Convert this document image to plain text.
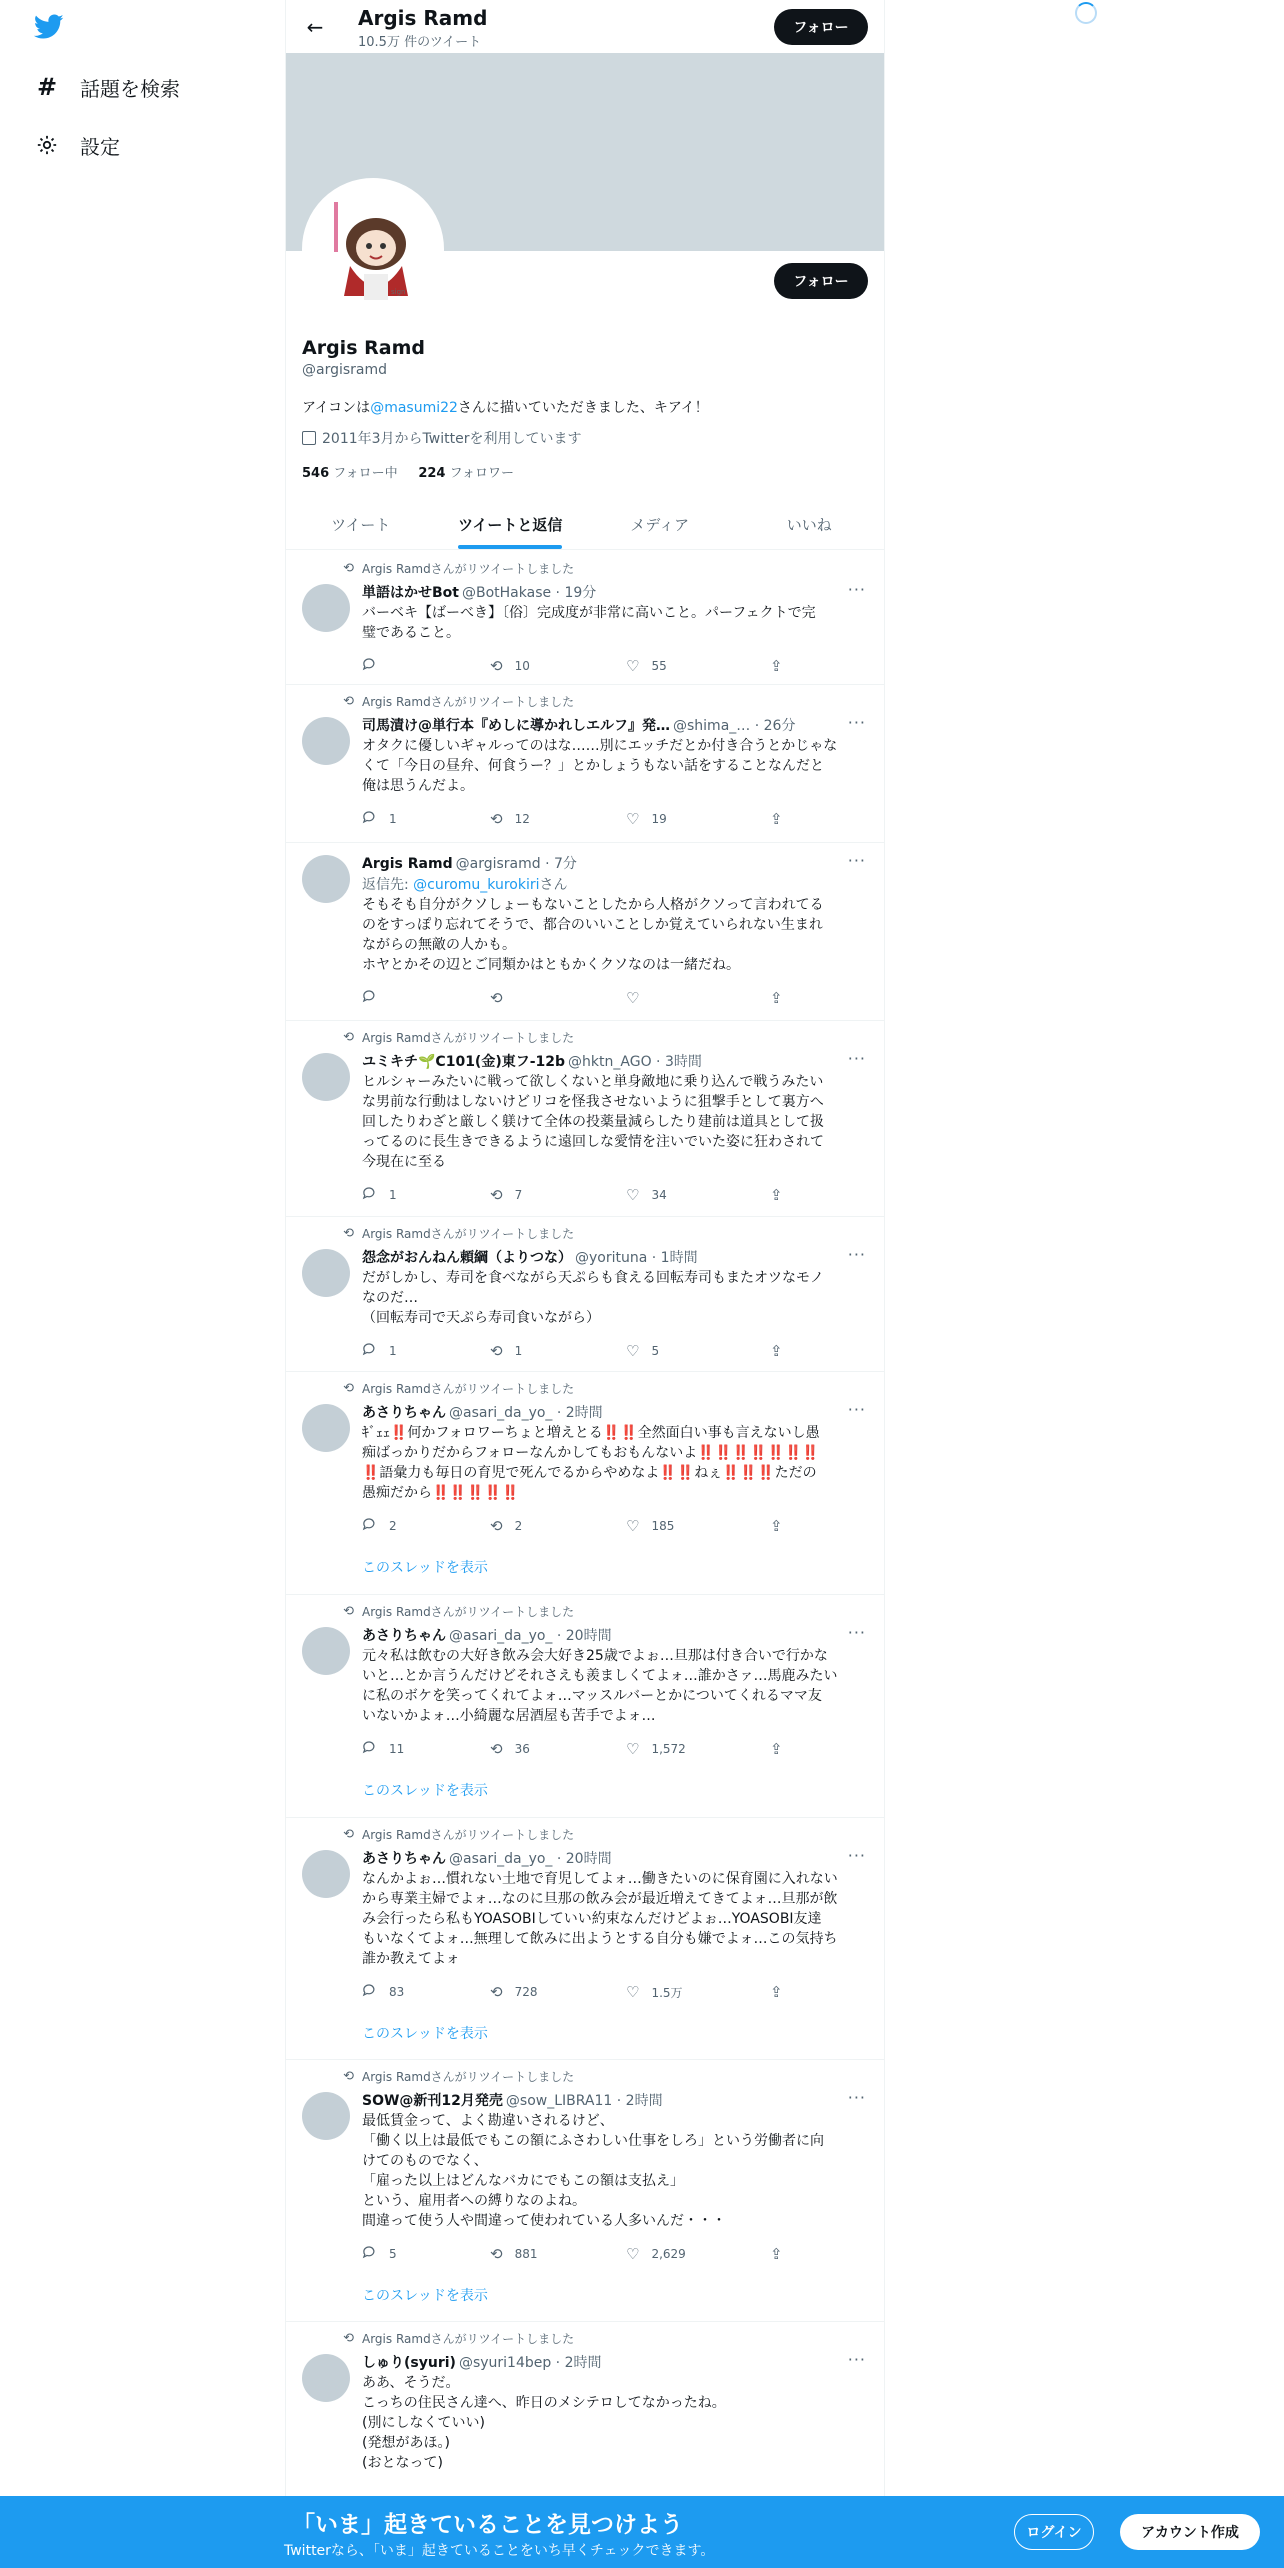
# 話題を検索
設定
←	Argis Ramd
10.5万 件のツイート
フォロー
sign
フォロー
Argis Ramd
@argisramd
アイコンは@masumi22さんに描いていただきました、キアイ！
2011年3月からTwitterを利用しています
546 フォロー中 224 フォロワー
ツイート	ツイートと返信	メディア	いいね
⟲ Argis Ramdさんがリツイートしました
単語はかせBot @BotHakase · 19分	···
バーベキ【ばーべき】〔俗〕完成度が非常に高いこと。パーフェクトで完
璧であること。
⟲ 10	♡ 55	⇪
⟲ Argis Ramdさんがリツイートしました
司馬漬け@単行本『めしに導かれしエルフ』発… @shima_… · 26分	···
オタクに優しいギャルってのはな……別にエッチだとか付き合うとかじゃな
くて「今日の昼弁、何食うー？」とかしょうもない話をすることなんだと
俺は思うんだよ。
1	⟲ 12	♡ 19	⇪
Argis Ramd @argisramd · 7分	···
返信先: @curomu_kurokiriさん
そもそも自分がクソしょーもないことしたから人格がクソって言われてる
のをすっぽり忘れてそうで、都合のいいことしか覚えていられない生まれ
ながらの無敵の人かも。
ホヤとかその辺とご同類かはともかくクソなのは一緒だね。
⟲	♡	⇪
⟲ Argis Ramdさんがリツイートしました
ユミキチ🌱C101(金)東フ-12b @hktn_AGO · 3時間	···
ヒルシャーみたいに戦って欲しくないと単身敵地に乗り込んで戦うみたい
な男前な行動はしないけどリコを怪我させないように狙撃手として裏方へ
回したりわざと厳しく躾けて全体の投薬量減らしたり建前は道具として扱
ってるのに長生きできるように遠回しな愛情を注いでいた姿に狂わされて
今現在に至る
1	⟲ 7	♡ 34	⇪
⟲ Argis Ramdさんがリツイートしました
怨念がおんねん頼綱（よりつな） @yorituna · 1時間	···
だがしかし、寿司を食べながら天ぷらも食える回転寿司もまたオツなモノ
なのだ…
（回転寿司で天ぷら寿司食いながら）
1	⟲ 1	♡ 5	⇪
⟲ Argis Ramdさんがリツイートしました
あさりちゃん @asari_da_yo_ · 2時間	···
ｷﾞｪｪ‼️何かフォロワーちょと増えとる‼️‼️全然面白い事も言えないし愚
痴ばっかりだからフォローなんかしてもおもんないよ‼️‼️‼️‼️‼️‼️‼️
‼️語彙力も毎日の育児で死んでるからやめなよ‼️‼️ねぇ‼️‼️‼️ただの
愚痴だから‼️‼️‼️‼️‼️
2	⟲ 2	♡ 185	⇪
このスレッドを表示
⟲ Argis Ramdさんがリツイートしました
あさりちゃん @asari_da_yo_ · 20時間	···
元々私は飲むの大好き飲み会大好き25歳でよぉ…旦那は付き合いで行かな
いと…とか言うんだけどそれさえも羨ましくてよォ…誰かさァ…馬鹿みたい
に私のボケを笑ってくれてよォ…マッスルバーとかについてくれるママ友
いないかよォ…小綺麗な居酒屋も苦手でよォ…
11	⟲ 36	♡ 1,572	⇪
このスレッドを表示
⟲ Argis Ramdさんがリツイートしました
あさりちゃん @asari_da_yo_ · 20時間	···
なんかよぉ…慣れない土地で育児してよォ…働きたいのに保育園に入れない
から専業主婦でよォ…なのに旦那の飲み会が最近増えてきてよォ…旦那が飲
み会行ったら私もYOASOBIしていい約束なんだけどよぉ…YOASOBI友達
もいなくてよォ…無理して飲みに出ようとする自分も嫌でよォ…この気持ち
誰か教えてよォ
83	⟲ 728	♡ 1.5万	⇪
このスレッドを表示
⟲ Argis Ramdさんがリツイートしました
SOW@新刊12月発売 @sow_LIBRA11 · 2時間	···
最低賃金って、よく勘違いされるけど、
「働く以上は最低でもこの額にふさわしい仕事をしろ」という労働者に向
けてのものでなく、
「雇った以上はどんなバカにでもこの額は支払え」
という、雇用者への縛りなのよね。
間違って使う人や間違って使われている人多いんだ・・・
5	⟲ 881	♡ 2,629	⇪
このスレッドを表示
⟲ Argis Ramdさんがリツイートしました
しゅり(syuri) @syuri14bep · 2時間	···
ああ、そうだ。
こっちの住民さん達へ、昨日のメシテロしてなかったね。
(別にしなくていい)
(発想があほ。)
(おとなって)
「いま」起きていることを見つけよう
Twitterなら、「いま」起きていることをいち早くチェックできます。
ログイン	アカウント作成
